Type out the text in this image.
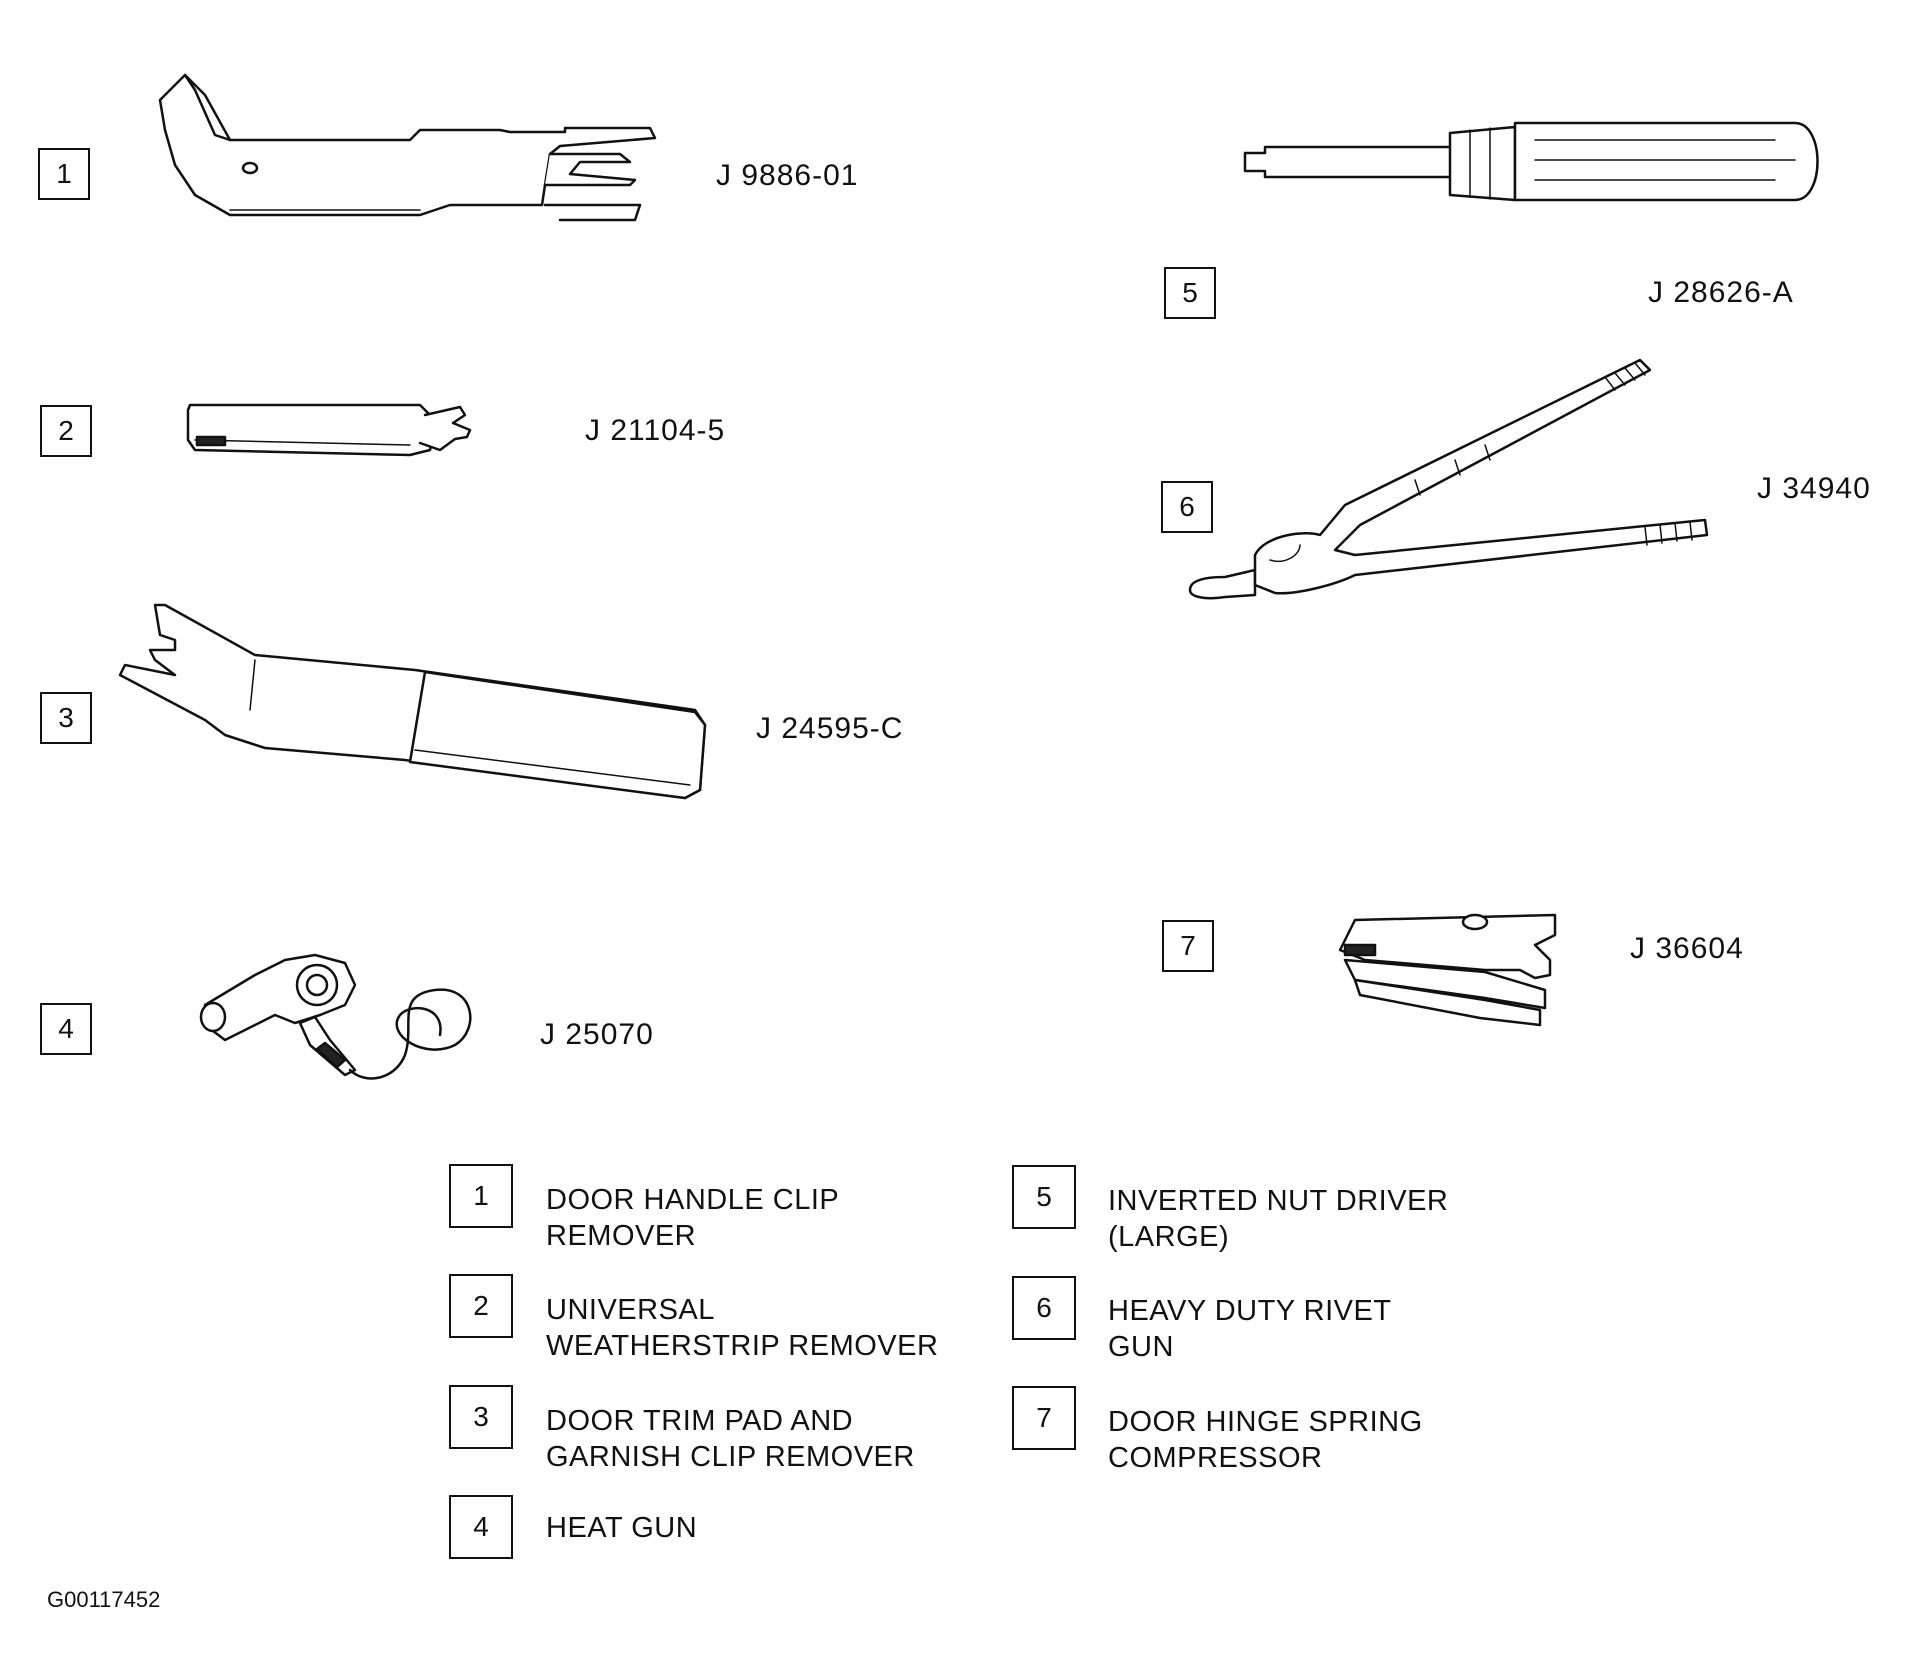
1	J 9886-01
2	J 21104-5
3	J 24595-C
4	J 25070
5	J 28626-A
6
J 34940
7	J 36604
1	DOOR HANDLE CLIP
REMOVER
2	UNIVERSAL
WEATHERSTRIP REMOVER
3	DOOR TRIM PAD AND
GARNISH CLIP REMOVER
4	HEAT GUN
5	INVERTED NUT DRIVER
(LARGE)
6	HEAVY DUTY RIVET
GUN
7	DOOR HINGE SPRING
COMPRESSOR
G00117452
